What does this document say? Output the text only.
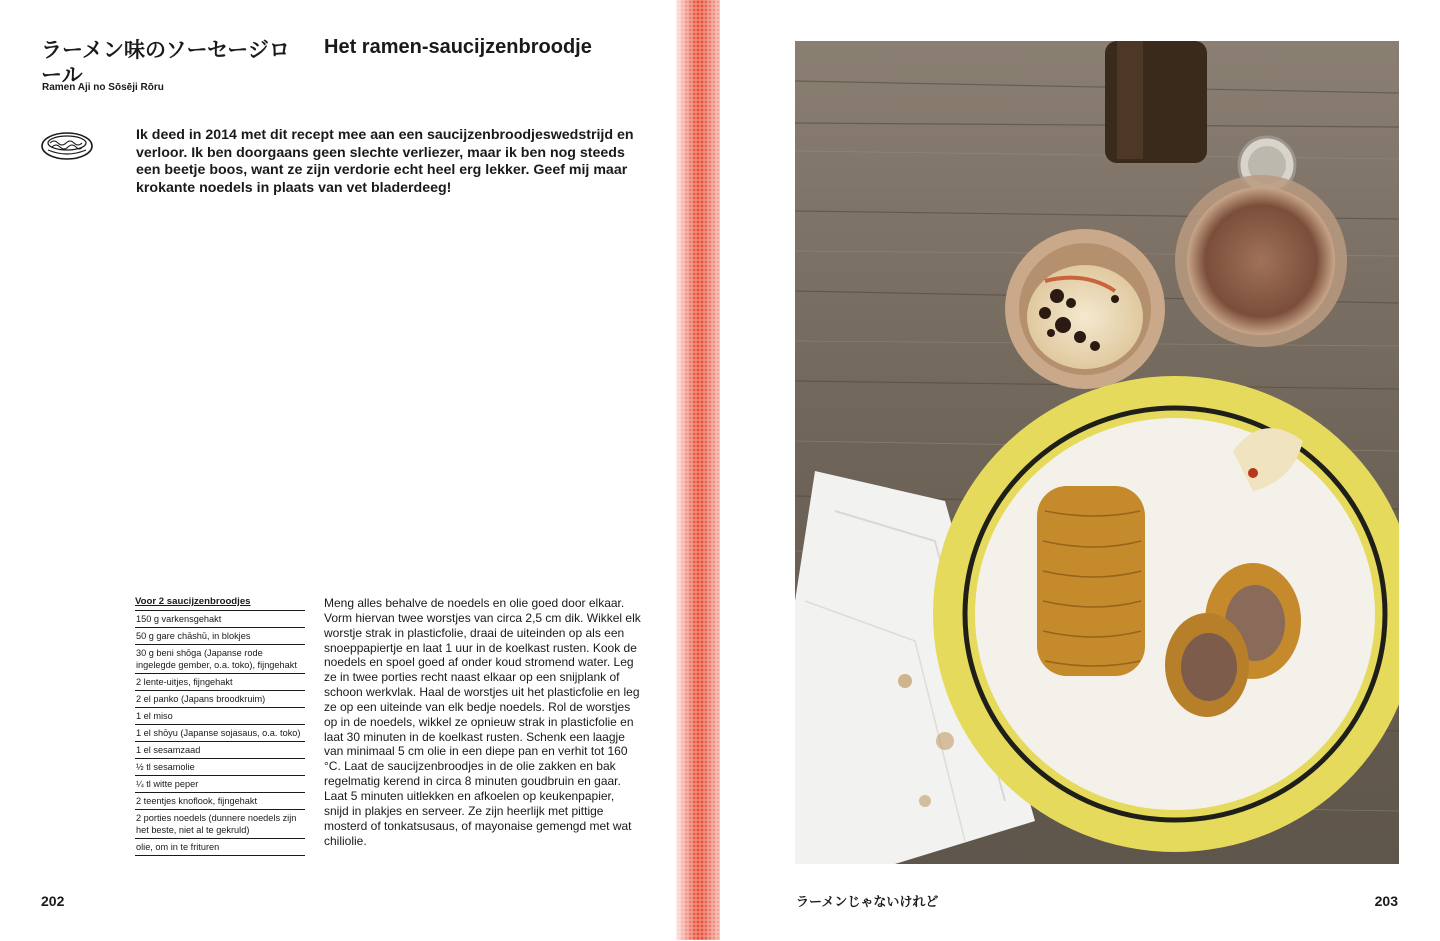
ラーメン味のソーセージロール
Ramen Aji no Sōsēji Rōru
Het ramen-saucijzenbroodje

Ik deed in 2014 met dit recept mee aan een saucijzenbroodjeswedstrijd en verloor. Ik ben doorgaans geen slechte verliezer, maar ik ben nog steeds een beetje boos, want ze zijn verdorie echt heel erg lekker. Geef mij maar krokante noedels in plaats van vet bladerdeeg!

Voor 2 saucijzenbroodjes
150 g varkensgehakt
50 g gare chāshū, in blokjes
30 g beni shōga (Japanse rode ingelegde gember, o.a. toko), fijngehakt
2 lente-uitjes, fijngehakt
2 el panko (Japans broodkruim)
1 el miso
1 el shōyu (Japanse sojasaus, o.a. toko)
1 el sesamzaad
½ tl sesamolie
¼ tl witte peper
2 teentjes knoflook, fijngehakt
2 porties noedels (dunnere noedels zijn het beste, niet al te gekruld)
olie, om in te frituren

Meng alles behalve de noedels en olie goed door elkaar. Vorm hiervan twee worstjes van circa 2,5 cm dik. Wikkel elk worstje strak in plasticfolie, draai de uiteinden op als een snoeppapiertje en laat 1 uur in de koelkast rusten. Kook de noedels en spoel goed af onder koud stromend water. Leg ze in twee porties recht naast elkaar op een snijplank of schoon werkvlak. Haal de worstjes uit het plasticfolie en leg ze op een uiteinde van elk bedje noedels. Rol de worstjes op in de noedels, wikkel ze opnieuw strak in plasticfolie en laat 30 minuten in de koelkast rusten. Schenk een laagje van minimaal 5 cm olie in een diepe pan en verhit tot 160 °C. Laat de saucijzenbroodjes in de olie zakken en bak regelmatig kerend in circa 8 minuten goudbruin en gaar. Laat 5 minuten uitlekken en afkoelen op keukenpapier, snijd in plakjes en serveer. Ze zijn heerlijk met pittige mosterd of tonkatsusaus, of mayonaise gemengd met wat chiliolie.

202	ラーメンじゃないけれど	203
